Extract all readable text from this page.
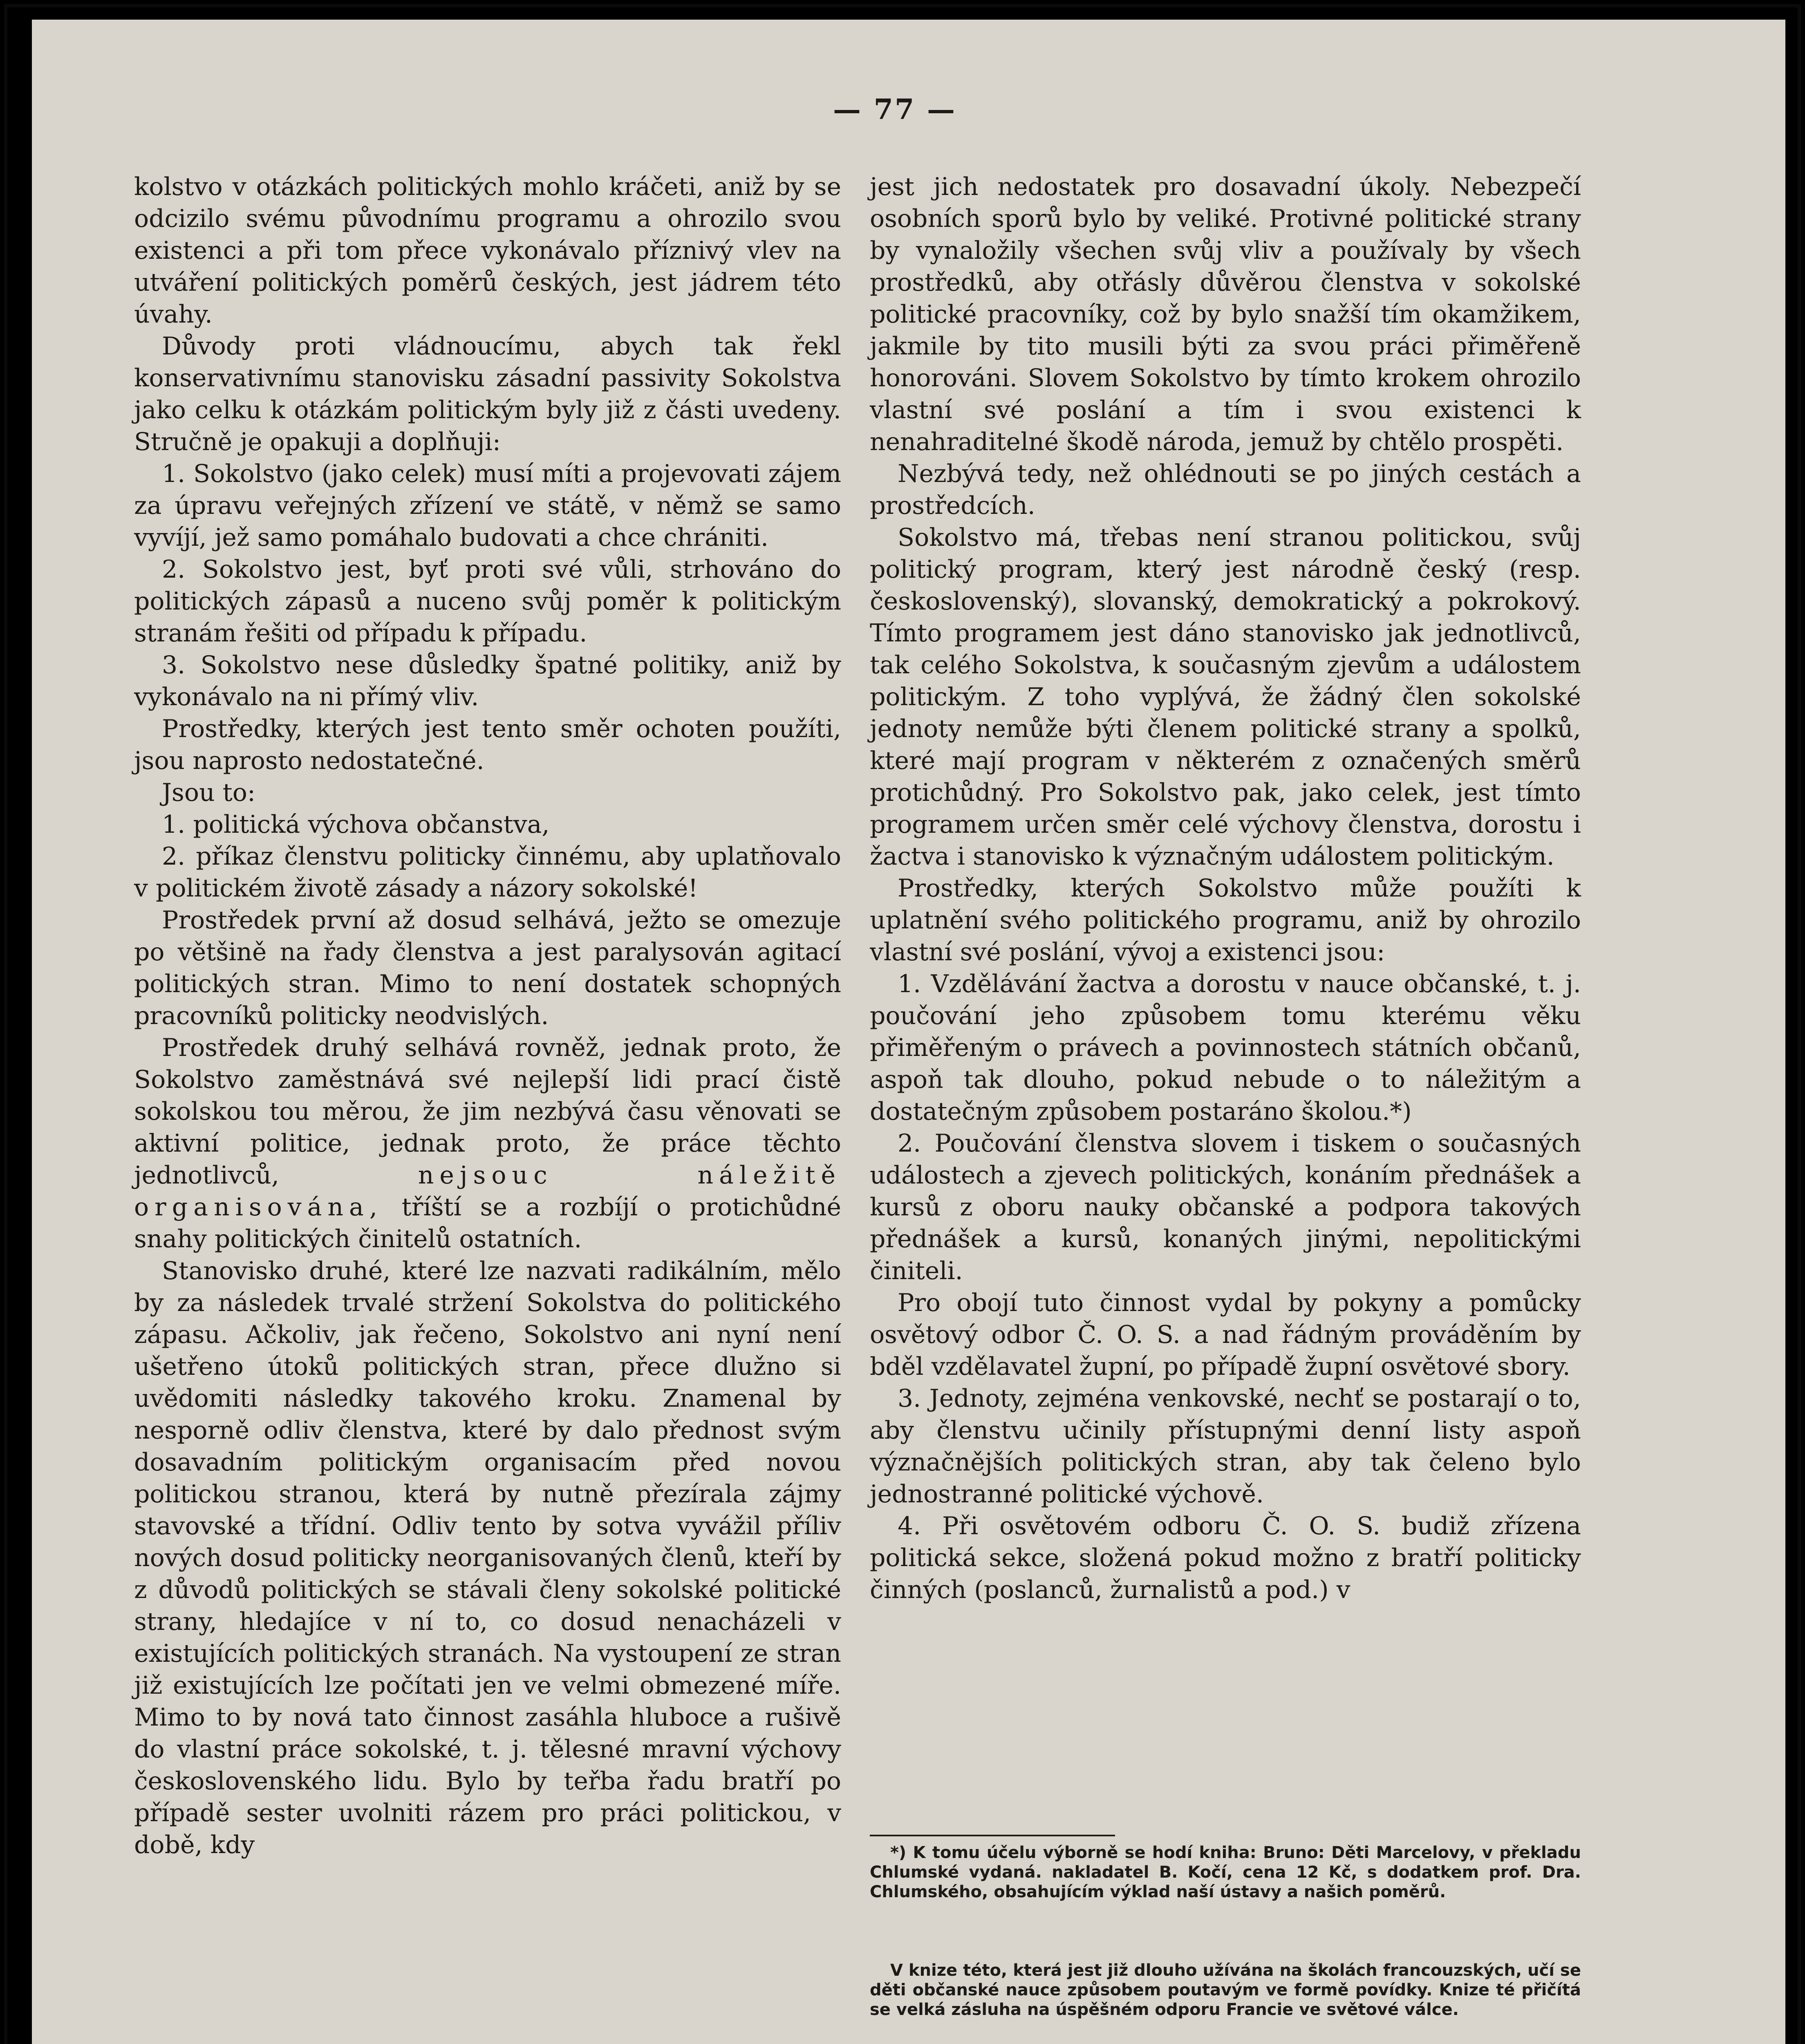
— 77 —

kolstvo v otázkách politických mohlo kráčeti, aniž by se odcizilo svému původnímu programu a ohrozilo svou existenci a při tom přece vykonávalo příznivý vlev na utváření politických poměrů českých, jest jádrem této úvahy.

Důvody proti vládnoucímu, abych tak řekl konservativnímu stanovisku zásadní passivity Sokolstva jako celku k otázkám politickým byly již z části uvedeny. Stručně je opakuji a doplňuji:

1. Sokolstvo (jako celek) musí míti a projevovati zájem za úpravu veřejných zřízení ve státě, v němž se samo vyvíjí, jež samo pomáhalo budovati a chce chrániti.

2. Sokolstvo jest, byť proti své vůli, strhováno do politických zápasů a nuceno svůj poměr k politickým stranám řešiti od případu k případu.

3. Sokolstvo nese důsledky špatné politiky, aniž by vykonávalo na ni přímý vliv.

Prostředky, kterých jest tento směr ochoten použíti, jsou naprosto nedostatečné.

Jsou to:

1. politická výchova občanstva,

2. příkaz členstvu politicky činnému, aby uplatňovalo v politickém životě zásady a názory sokolské!

Prostředek první až dosud selhává, ježto se omezuje po většině na řady členstva a jest paralysován agitací politických stran. Mimo to není dostatek schopných pracovníků politicky neodvislých.

Prostředek druhý selhává rovněž, jednak proto, že Sokolstvo zaměstnává své nejlepší lidi prací čistě sokolskou tou měrou, že jim nezbývá času věnovati se aktivní politice, jednak proto, že práce těchto jednotlivců,	nejsouc náležitě organisována, tříští se a rozbíjí o protichůdné snahy politických činitelů ostatních.

Stanovisko druhé, které lze nazvati radikálním, mělo by za následek trvalé stržení Sokolstva do politického zápasu. Ačkoliv, jak řečeno, Sokolstvo ani nyní není ušetřeno útoků politických stran, přece dlužno si uvědomiti následky takového kroku. Znamenal by nesporně odliv členstva, které by dalo přednost svým dosavadním politickým organisacím před novou politickou stranou, která by nutně přezírala zájmy stavovské a třídní. Odliv tento by sotva vyvážil příliv nových dosud politicky neorganisovaných členů, kteří by z důvodů politických se stávali členy sokolské politické strany, hledajíce v ní to, co dosud nenacházeli v existujících politických stranách. Na vystoupení ze stran již existujících lze počítati jen ve velmi obmezené míře. Mimo to by nová tato činnost zasáhla hluboce a rušivě do vlastní práce sokolské, t. j. tělesné mravní výchovy československého lidu. Bylo by teřba řadu bratří po případě sester uvolniti rázem pro práci politickou, v době, kdy

jest jich nedostatek pro dosavadní úkoly. Nebezpečí osobních sporů bylo by veliké. Protivné politické strany by vynaložily všechen svůj vliv a používaly by všech prostředků, aby otřásly důvěrou členstva v sokolské politické pracovníky, což by bylo snažší tím okamžikem, jakmile by tito musili býti za svou práci přiměřeně honorováni. Slovem Sokolstvo by tímto krokem ohrozilo vlastní své poslání a tím i svou existenci k nenahraditelné škodě národa, jemuž by chtělo prospěti.

Nezbývá tedy, než ohlédnouti se po jiných cestách a prostředcích.

Sokolstvo má, třebas není stranou politickou, svůj politický program, který jest národně český (resp. československý), slovanský, demokratický a pokrokový. Tímto programem jest dáno stanovisko jak jednotlivců, tak celého Sokolstva, k současným zjevům a událostem politickým. Z toho vyplývá, že žádný člen sokolské jednoty nemůže býti členem politické strany a spolků, které mají program v některém z označených směrů protichůdný. Pro Sokolstvo pak, jako celek, jest tímto programem určen směr celé výchovy členstva, dorostu i žactva i stanovisko k význačným událostem politickým.

Prostředky, kterých Sokolstvo může použíti k uplatnění svého politického programu, aniž by ohrozilo vlastní své poslání, vývoj a existenci jsou:

1. Vzdělávání žactva a dorostu v nauce občanské, t. j. poučování jeho způsobem tomu kterému věku přiměřeným o právech a povinnostech státních občanů, aspoň tak dlouho, pokud nebude o to náležitým a dostatečným způsobem postaráno školou.*)

2. Poučování členstva slovem i tiskem o současných událostech a zjevech politických, konáním přednášek a kursů z oboru nauky občanské a podpora takových přednášek a kursů, konaných jinými, nepolitickými činiteli.

Pro obojí tuto činnost vydal by pokyny a pomůcky osvětový odbor Č. O. S. a nad řádným prováděním by bděl vzdělavatel župní, po případě župní osvětové sbory.

3. Jednoty, zejména venkovské, nechť se postarají o to, aby členstvu učinily přístupnými denní listy aspoň význačnějších politických stran, aby tak čeleno bylo jednostranné politické výchově.

4. Při osvětovém odboru Č. O. S. budiž zřízena politická sekce, složená pokud možno z bratří politicky činných (poslanců, žurnalistů a pod.) v

*) K tomu účelu výborně se hodí kniha: Bruno: Děti Marcelovy, v překladu Chlumské vydaná. nakladatel B. Kočí, cena 12 Kč, s dodatkem prof. Dra. Chlumského, obsahujícím výklad naší ústavy a našich poměrů.
V knize této, která jest již dlouho užívána na školách francouzských, učí se děti občanské nauce způsobem poutavým ve formě povídky. Knize té přičítá se velká zásluha na úspěšném odporu Francie ve světové válce.
